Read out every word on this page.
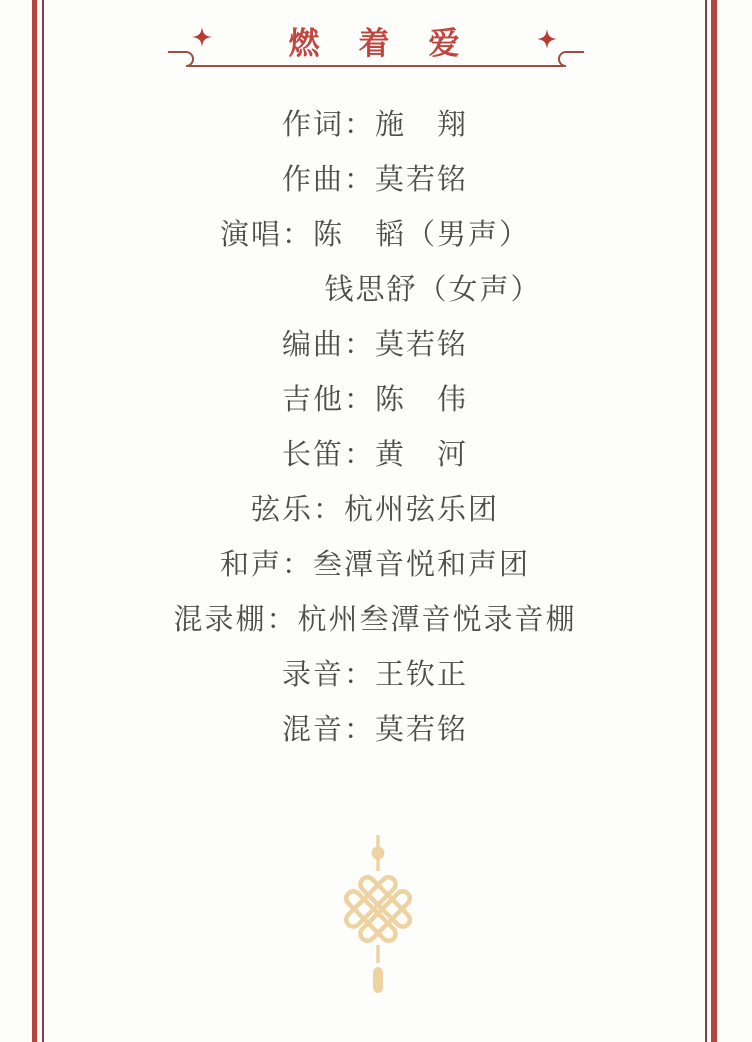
燃　着　爱
作词：施　翔
作曲：莫若铭
演唱：陈　韬（男声）
钱思舒（女声）
编曲：莫若铭
吉他：陈　伟
长笛：黄　河
弦乐：杭州弦乐团
和声：叁潭音悦和声团
混录棚：杭州叁潭音悦录音棚
录音：王钦正
混音：莫若铭
